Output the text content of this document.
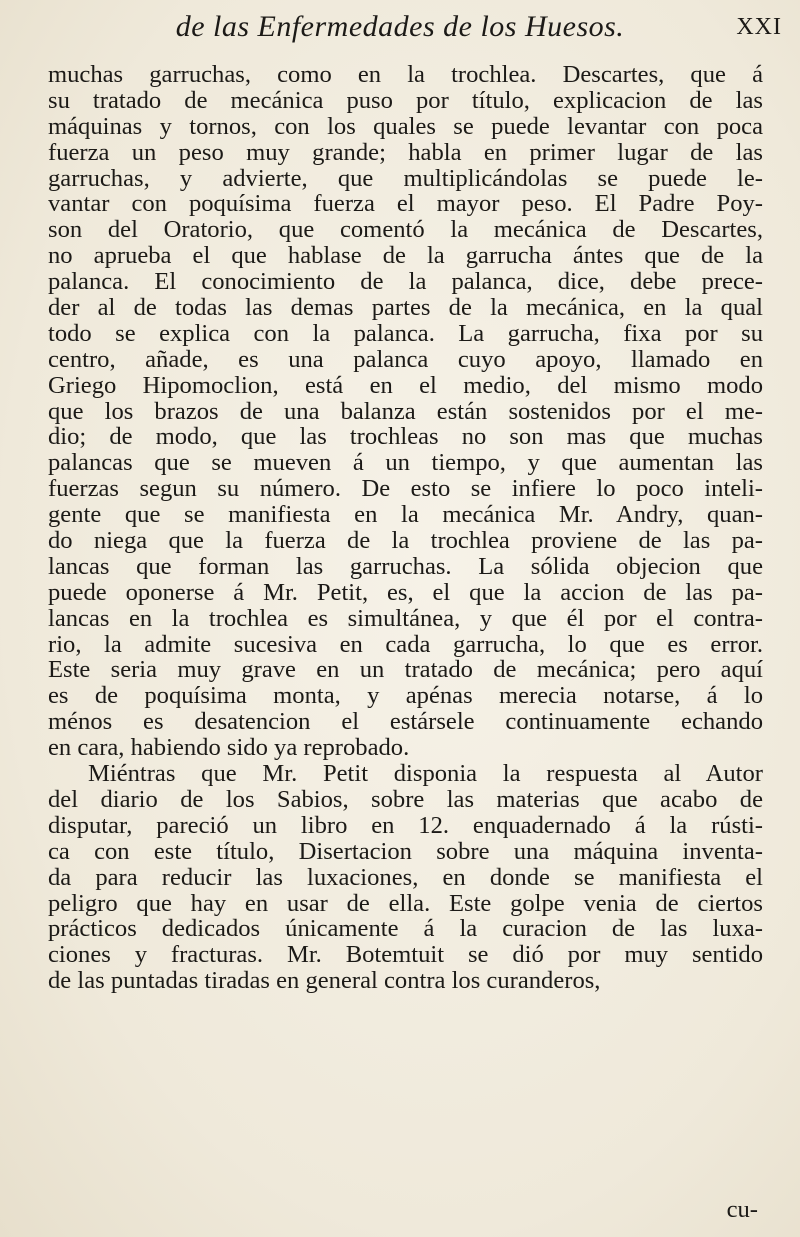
de las Enfermedades de los Huesos.	XXI
muchas garruchas, como en la trochlea. Descartes, que á
su tratado de mecánica puso por título, explicacion de las
máquinas y tornos, con los quales se puede levantar con poca
fuerza un peso muy grande; habla en primer lugar de las
garruchas, y advierte, que multiplicándolas se puede le-
vantar con poquísima fuerza el mayor peso. El Padre Poy-
son del Oratorio, que comentó la mecánica de Descartes,
no aprueba el que hablase de la garrucha ántes que de la
palanca. El conocimiento de la palanca, dice, debe prece-
der al de todas las demas partes de la mecánica, en la qual
todo se explica con la palanca. La garrucha, fixa por su
centro, añade, es una palanca cuyo apoyo, llamado en
Griego Hipomoclion, está en el medio, del mismo modo
que los brazos de una balanza están sostenidos por el me-
dio; de modo, que las trochleas no son mas que muchas
palancas que se mueven á un tiempo, y que aumentan las
fuerzas segun su número. De esto se infiere lo poco inteli-
gente que se manifiesta en la mecánica Mr. Andry, quan-
do niega que la fuerza de la trochlea proviene de las pa-
lancas que forman las garruchas. La sólida objecion que
puede oponerse á Mr. Petit, es, el que la accion de las pa-
lancas en la trochlea es simultánea, y que él por el contra-
rio, la admite sucesiva en cada garrucha, lo que es error.
Este seria muy grave en un tratado de mecánica; pero aquí
es de poquísima monta, y apénas merecia notarse, á lo
ménos es desatencion el estársele continuamente echando
en cara, habiendo sido ya reprobado.
Miéntras que Mr. Petit disponia la respuesta al Autor
del diario de los Sabios, sobre las materias que acabo de
disputar, pareció un libro en 12. enquadernado á la rústi-
ca con este título, Disertacion sobre una máquina inventa-
da para reducir las luxaciones, en donde se manifiesta el
peligro que hay en usar de ella. Este golpe venia de ciertos
prácticos dedicados únicamente á la curacion de las luxa-
ciones y fracturas. Mr. Botemtuit se dió por muy sentido
de las puntadas tiradas en general contra los curanderos,
cu-
